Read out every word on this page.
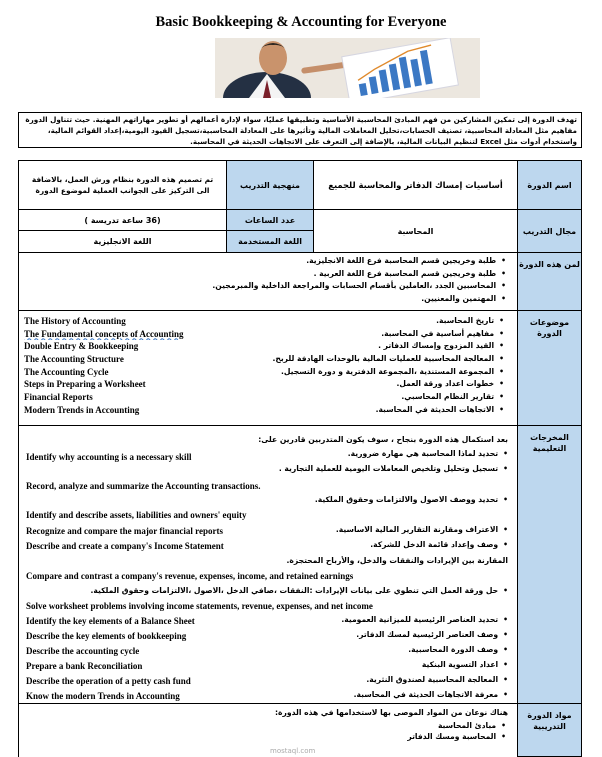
Basic Bookkeeping & Accounting for Everyone
تهدف الدورة إلى تمكين المشاركين من فهم المبادئ المحاسبية الأساسية وتطبيقها عمليًا، سواء لإدارة أعمالهم أو تطوير مهاراتهم المهنية. حيث تتناول الدورة مفاهيم مثل المعادلة المحاسبية، تصنيف الحسابات،تحليل المعاملات المالية وتأثيرها على المعادلة المحاسبية،تسجيل القيود اليومية،إعداد القوائم المالية، واستخدام أدوات مثل Excel لتنظيم البيانات المالية، بالإضافة إلى التعرف على الاتجاهات الحديثة في المحاسبة.
اسم الدورة
أساسيات إمساك الدفاتر والمحاسبة للجميع
منهجية التدريب
تم تصميم هذه الدورة بنظام ورش العمل، بالاضافة الى التركيز على الجوانب العملية لموضوع الدورة
مجال التدريب
المحاسبة
عدد الساعات
(36 ساعة تدريسة )
اللغة المستخدمة
اللغة الانجليزية
لمن هذه الدورة
• طلبة وخريجين قسم المحاسبة فرع اللغة الانجليزية.
• طلبة وخريجين قسم المحاسبة فرع اللغة العربية .
• المحاسبين الجدد ،العاملين بأقسام الحسابات والمراجعة الداخلية والمبرمجين.
• المهتمين والمعنيين.
موضوعات الدورة
The History of Accounting
The Fundamental concepts of Accounting
Double Entry & Bookkeeping
The Accounting Structure
The Accounting Cycle
Steps in Preparing a Worksheet
Financial Reports
Modern Trends in Accounting
• تاريخ المحاسبة.
• مفاهيم أساسية في المحاسبة.
• القيد المزدوج وإمساك الدفاتر .
• المعالجة المحاسبية للعمليات المالية بالوحدات الهادفة للربح.
• المجموعة المستندية ،المجموعة الدفترية و دورة التسجيل.
• خطوات اعداد ورقة العمل.
• تقارير النظام المحاسبي.
• الاتجاهات الحديثة في المحاسبة.
المخرجات التعليمية
بعد استكمال هذه الدورة بنجاح ، سوف يكون المتدربين قادرين على:
• تحديد لماذا المحاسبة هي مهارة ضرورية.
Identify why accounting is a necessary skill
• تسجيل وتحليل وتلخيص المعاملات اليومية للعملية التجارية .
Record, analyze and summarize the Accounting transactions.
• تحديد ووصف الاصول والالتزامات وحقوق الملكية.
Identify and describe assets, liabilities and owners' equity
• الاعتراف ومقارنة التقارير المالية الاساسية.
Recognize and compare the major financial reports
• وصف وإعداد قائمة الدخل للشركة.
Describe and create a company's Income Statement
المقارنة بين الإيرادات والنفقات والدخل، والأرباح المحتجزة.
Compare and contrast a company's revenue, expenses, income, and retained earnings
• حل ورقة العمل التي تنطوي على بيانات الإيرادات :النفقات ،صافي الدخل ،الاصول ،الالتزامات وحقوق الملكية.
Solve worksheet problems involving income statements, revenue, expenses, and net income
• تحديد العناصر الرئيسية للميزانية العمومية.
Identify the key elements of a Balance Sheet
• وصف العناصر الرئيسية لمسك الدفاتر.
Describe the key elements of bookkeeping
• وصف الدورة المحاسبية.
Describe the accounting cycle
• اعداد التسوية البنكية
Prepare a bank Reconciliation
• المعالجة المحاسبية لصندوق النثرية.
Describe the operation of a petty cash fund
• معرفة الاتجاهات الحديثة في المحاسبة.
Know the modern Trends in Accounting
مواد الدورة التدريبية
هناك نوعان من المواد الموصى بها لاستخدامها في هذه الدورة:
• مبادئ المحاسبة
• المحاسبة ومسك الدفاتر
mostaql.com
